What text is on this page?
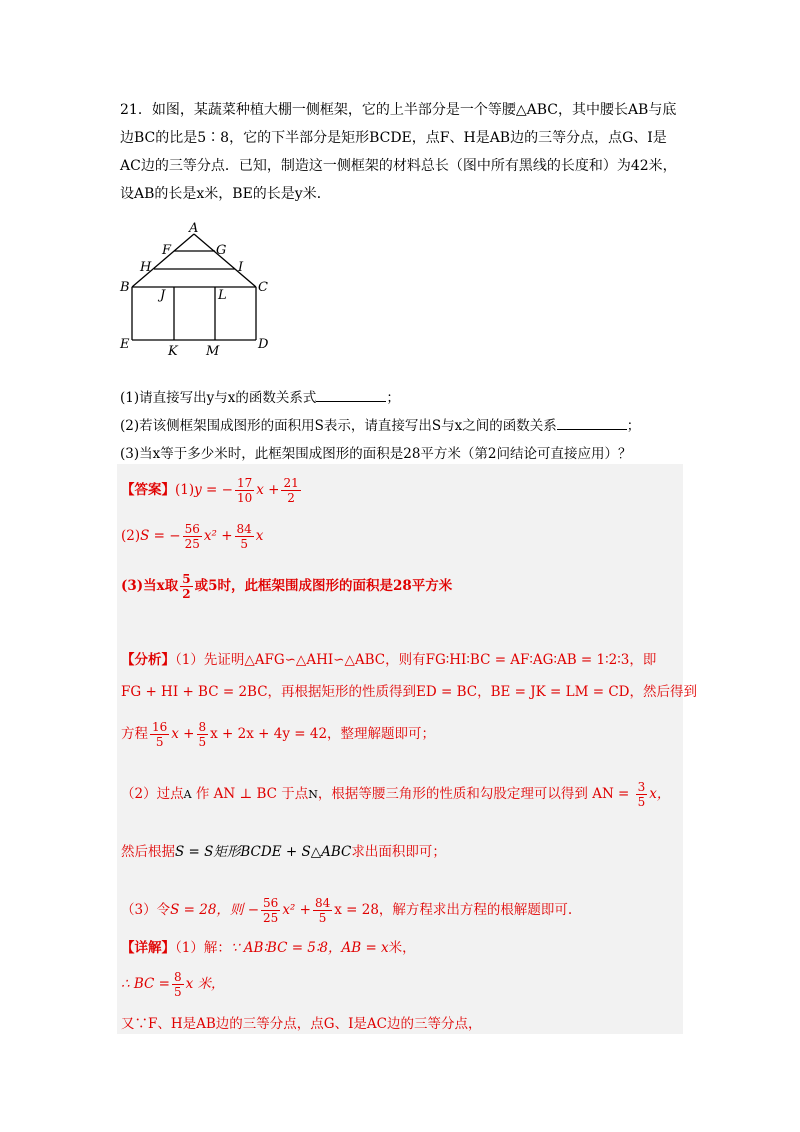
21．如图，某蔬菜种植大棚一侧框架，它的上半部分是一个等腰△ABC，其中腰长AB与底

边BC的比是5∶8，它的下半部分是矩形BCDE，点F、H是AB边的三等分点，点G、I是

AC边的三等分点．已知，制造这一侧框架的材料总长（图中所有黑线的长度和）为42米，

设AB的长是x米，BE的长是y米．

A
F	G
H	I
B	C
J	L
E	K M	D

(1)请直接写出y与x的函数关系式	；

(2)若该侧框架围成图形的面积用S表示，请直接写出S与x之间的函数关系	；

(3)当x等于多少米时，此框架围成图形的面积是28平方米（第2问结论可直接应用）？

【答案】(1)y = − $\frac{17}{10}$ $x + \frac{21}{2}$

(2)S = − $\frac{56}{25} x^2 + \frac{84}{5}$ x

(3)当x取 $\frac{5}{2}$ 或5时，此框架围成图形的面积是28平方米

【分析】（1）先证明△AFG∽△AHI∽△ABC，则有FG∶HI∶BC = AF∶AG∶AB = 1∶2∶3，即

FG + HI + BC = 2BC，再根据矩形的性质得到ED = BC，BE = JK = LM = CD，然后得到

方程 $\frac{16}{5}$ $x + \frac{8}{5}$ x + 2x + 4y = 42，整理解题即可；

（2）过点A 作 AN ⊥ BC 于点N，根据等腰三角形的性质和勾股定理可以得到 AN = $\frac{3}{5}$ x，

然后根据S = S矩形BCDE + S△ABC求出面积即可；

（3）令S = 28，则 − $\frac{56}{25} x^2 + \frac{84}{5}$ x = 28，解方程求出方程的根解题即可.

【详解】（1）解：∵ AB∶BC = 5∶8，AB = x米，

∴ BC = $\frac{8}{5}$ x 米，

又∵F、H是AB边的三等分点，点G、I是AC边的三等分点，
